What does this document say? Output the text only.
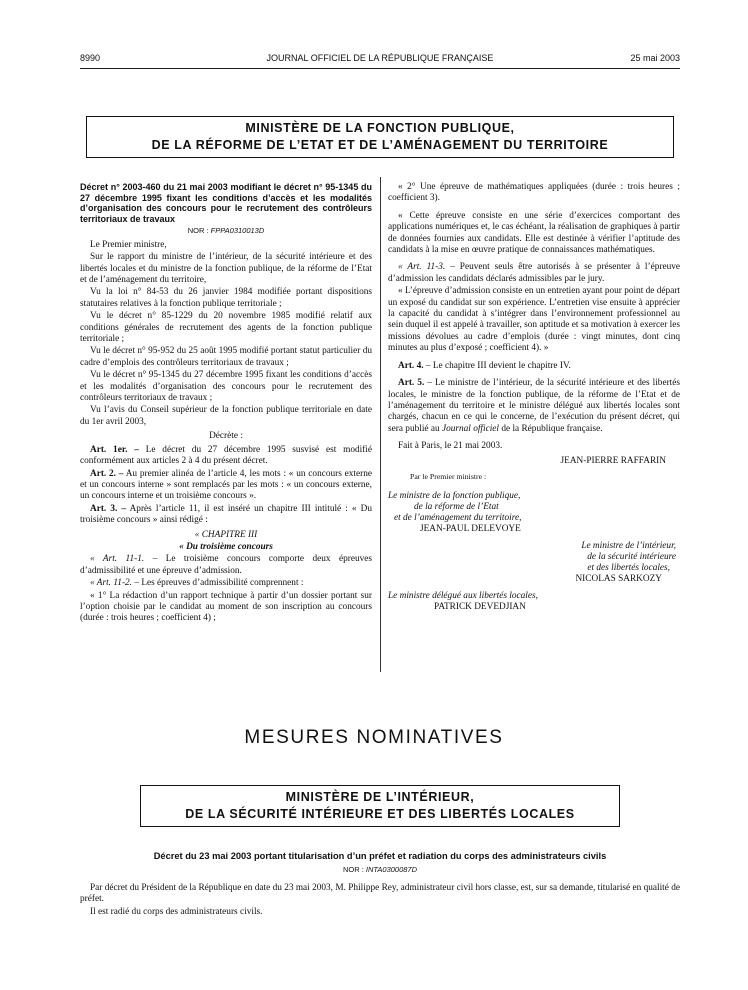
JOURNAL OFFICIEL DE LA RÉPUBLIQUE FRANÇAISE
8990	25 mai 2003
MINISTÈRE DE LA FONCTION PUBLIQUE,
DE LA RÉFORME DE L’ETAT ET DE L’AMÉNAGEMENT DU TERRITOIRE
Décret n° 2003-460 du 21 mai 2003 modifiant le décret n° 95-1345 du 27 décembre 1995 fixant les conditions d’accès et les modalités d’organisation des concours pour le recrutement des contrôleurs territoriaux de travaux
NOR : FPPA0310013D

Le Premier ministre,

Sur le rapport du ministre de l’intérieur, de la sécurité intérieure et des libertés locales et du ministre de la fonction publique, de la réforme de l’Etat et de l’aménagement du territoire,

Vu la loi n° 84-53 du 26 janvier 1984 modifiée portant dispositions statutaires relatives à la fonction publique territoriale ;

Vu le décret n° 85-1229 du 20 novembre 1985 modifié relatif aux conditions générales de recrutement des agents de la fonction publique territoriale ;

Vu le décret n° 95-952 du 25 août 1995 modifié portant statut particulier du cadre d’emplois des contrôleurs territoriaux de travaux ;

Vu le décret n° 95-1345 du 27 décembre 1995 fixant les conditions d’accès et les modalités d’organisation des concours pour le recrutement des contrôleurs territoriaux de travaux ;

Vu l’avis du Conseil supérieur de la fonction publique territoriale en date du 1er avril 2003,

Décrète :

Art. 1er. – Le décret du 27 décembre 1995 susvisé est modifié conformément aux articles 2 à 4 du présent décret.

Art. 2. – Au premier alinéa de l’article 4, les mots : « un concours externe et un concours interne » sont remplacés par les mots : « un concours externe, un concours interne et un troisième concours ».

Art. 3. – Après l’article 11, il est inséré un chapitre III intitulé : « Du troisième concours » ainsi rédigé :

« CHAPITRE III

« Du troisième concours

« Art. 11-1. – Le troisième concours comporte deux épreuves d’admissibilité et une épreuve d’admission.

« Art. 11-2. – Les épreuves d’admissibilité comprennent :

« 1° La rédaction d’un rapport technique à partir d’un dossier portant sur l’option choisie par le candidat au moment de son inscription au concours (durée : trois heures ; coefficient 4) ;

« 2° Une épreuve de mathématiques appliquées (durée : trois heures ; coefficient 3).

« Cette épreuve consiste en une série d’exercices comportant des applications numériques et, le cas échéant, la réalisation de graphiques à partir de données fournies aux candidats. Elle est destinée à vérifier l’aptitude des candidats à la mise en œuvre pratique de connaissances mathématiques.

« Art. 11-3. – Peuvent seuls être autorisés à se présenter à l’épreuve d’admission les candidats déclarés admissibles par le jury.

« L’épreuve d’admission consiste en un entretien ayant pour point de départ un exposé du candidat sur son expérience. L’entretien vise ensuite à apprécier la capacité du candidat à s’intégrer dans l’environnement professionnel au sein duquel il est appelé à travailler, son aptitude et sa motivation à exercer les missions dévolues au cadre d’emplois (durée : vingt minutes, dont cinq minutes au plus d’exposé ; coefficient 4). »

Art. 4. – Le chapitre III devient le chapitre IV.

Art. 5. – Le ministre de l’intérieur, de la sécurité intérieure et des libertés locales, le ministre de la fonction publique, de la réforme de l’Etat et de l’aménagement du territoire et le ministre délégué aux libertés locales sont chargés, chacun en ce qui le concerne, de l’exécution du présent décret, qui sera publié au Journal officiel de la République française.

Fait à Paris, le 21 mai 2003.

JEAN-PIERRE RAFFARIN
Par le Premier ministre :
Le ministre de la fonction publique,
de la réforme de l’Etat
et de l’aménagement du territoire,
JEAN-PAUL DELEVOYE
Le ministre de l’intérieur,
de la sécurité intérieure
et des libertés locales,
NICOLAS SARKOZY
Le ministre délégué aux libertés locales,
PATRICK DEVEDJIAN
MESURES NOMINATIVES
MINISTÈRE DE L’INTÉRIEUR,
DE LA SÉCURITÉ INTÉRIEURE ET DES LIBERTÉS LOCALES
Décret du 23 mai 2003 portant titularisation d’un préfet et radiation du corps des administrateurs civils
NOR : INTA0300087D

Par décret du Président de la République en date du 23 mai 2003, M. Philippe Rey, administrateur civil hors classe, est, sur sa demande, titularisé en qualité de préfet.

Il est radié du corps des administrateurs civils.
